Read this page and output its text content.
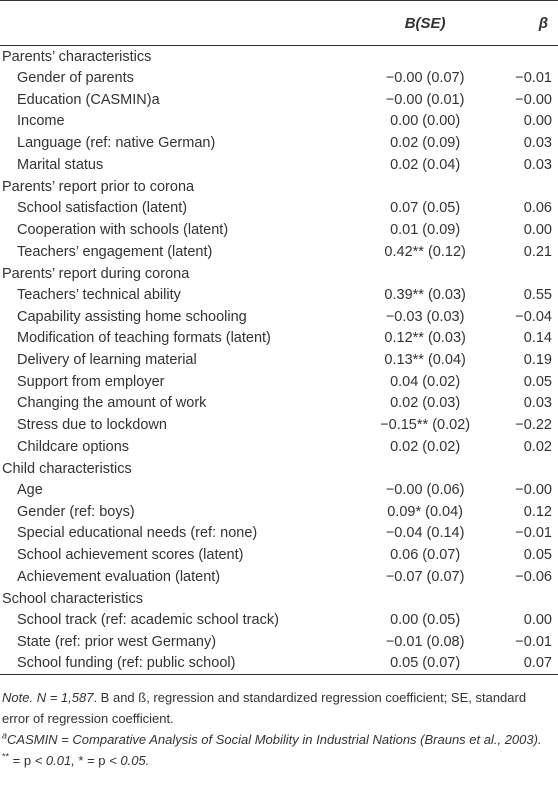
	B(SE)	β
Parents’ characteristics		
Gender of parents	−0.00 (0.07)	−0.01
Education (CASMIN)a	−0.00 (0.01)	−0.00
Income	0.00 (0.00)	0.00
Language (ref: native German)	0.02 (0.09)	0.03
Marital status	0.02 (0.04)	0.03
Parents’ report prior to corona		
School satisfaction (latent)	0.07 (0.05)	0.06
Cooperation with schools (latent)	0.01 (0.09)	0.00
Teachers’ engagement (latent)	0.42** (0.12)	0.21
Parents’ report during corona		
Teachers’ technical ability	0.39** (0.03)	0.55
Capability assisting home schooling	−0.03 (0.03)	−0.04
Modification of teaching formats (latent)	0.12** (0.03)	0.14
Delivery of learning material	0.13** (0.04)	0.19
Support from employer	0.04 (0.02)	0.05
Changing the amount of work	0.02 (0.03)	0.03
Stress due to lockdown	−0.15** (0.02)	−0.22
Childcare options	0.02 (0.02)	0.02
Child characteristics		
Age	−0.00 (0.06)	−0.00
Gender (ref: boys)	0.09* (0.04)	0.12
Special educational needs (ref: none)	−0.04 (0.14)	−0.01
School achievement scores (latent)	0.06 (0.07)	0.05
Achievement evaluation (latent)	−0.07 (0.07)	−0.06
School characteristics		
School track (ref: academic school track)	0.00 (0.05)	0.00
State (ref: prior west Germany)	−0.01 (0.08)	−0.01
School funding (ref: public school)	0.05 (0.07)	0.07

Note. N = 1,587. B and ß, regression and standardized regression coefficient; SE, standard error of regression coefficient.

$^a$CASMIN = Comparative Analysis of Social Mobility in Industrial Nations (Brauns et al., 2003).

** = p < 0.01, * = p < 0.05.
